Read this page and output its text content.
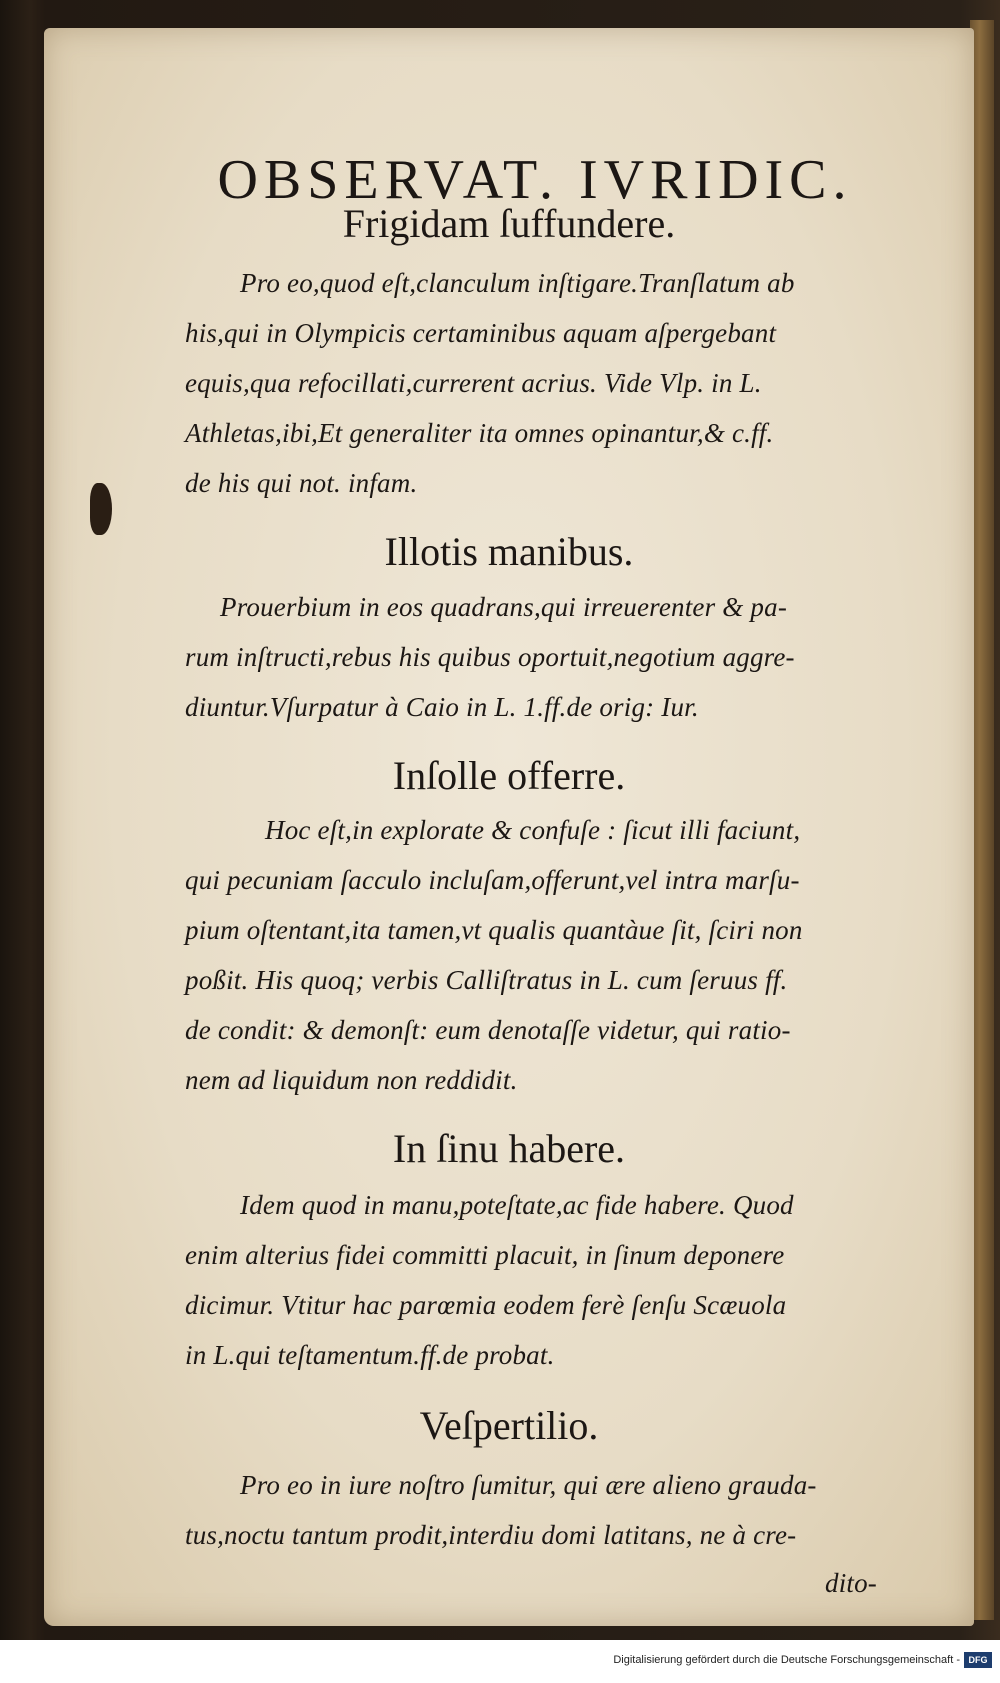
OBSERVAT. IVRIDIC.
Frigidam ſuffundere.
Pro eo,quod eſt,clanculum inſtigare.Tranſlatum ab
his,qui in Olympicis certaminibus aquam aſpergebant
equis,qua refocillati,currerent acrius. Vide Vlp. in L.
Athletas,ibi,Et generaliter ita omnes opinantur,& c.ff.
de his qui not. infam.
Illotis manibus.
Prouerbium in eos quadrans,qui irreuerenter & pa-
rum inſtructi,rebus his quibus oportuit,negotium aggre-
diuntur.Vſurpatur à Caio in L. 1.ff.de orig: Iur.
Inſolle offerre.
Hoc eſt,in explorate & confuſe : ſicut illi faciunt,
qui pecuniam ſacculo incluſam,offerunt,vel intra marſu-
pium oſtentant,ita tamen,vt qualis quantàue ſit, ſciri non
poßit. His quoq; verbis Calliſtratus in L. cum ſeruus ff.
de condit: & demonſt: eum denotaſſe videtur, qui ratio-
nem ad liquidum non reddidit.
In ſinu habere.
Idem quod in manu,poteſtate,ac fide habere. Quod
enim alterius fidei committi placuit, in ſinum deponere
dicimur. Vtitur hac parœmia eodem ferè ſenſu Scæuola
in L.qui teſtamentum.ff.de probat.
Veſpertilio.
Pro eo in iure noſtro ſumitur, qui ære alieno grauda-
tus,noctu tantum prodit,interdiu domi latitans, ne à cre-
dito-
Digitalisierung gefördert durch die Deutsche Forschungsgemeinschaft - DFG
